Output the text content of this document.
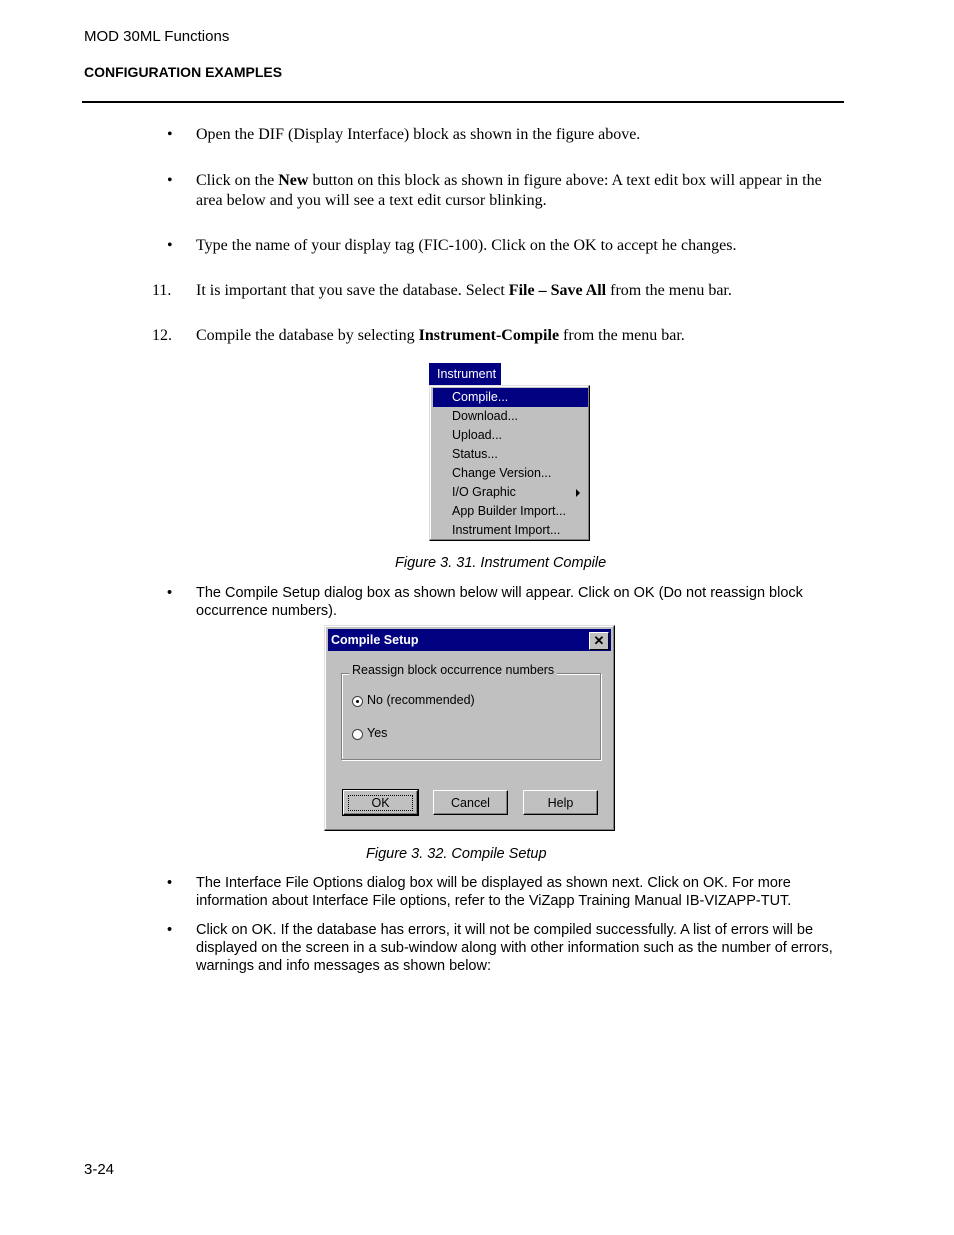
MOD 30ML Functions
CONFIGURATION EXAMPLES
• Open the DIF (Display Interface) block as shown in the figure above.
• Click on the New button on this block as shown in figure above: A text edit box will appear in the area below and you will see a text edit cursor blinking.
• Type the name of your display tag (FIC-100). Click on the OK to accept he changes.
11. It is important that you save the database. Select File – Save All from the menu bar.
12. Compile the database by selecting Instrument-Compile from the menu bar.
Instrument
Compile...
Download...
Upload...
Status...
Change Version...
I/O Graphic
App Builder Import...
Instrument Import...
Figure 3. 31. Instrument Compile
• The Compile Setup dialog box as shown below will appear. Click on OK (Do not reassign block occurrence numbers).
Compile Setup	✕
Reassign block occurrence numbers
No (recommended)
Yes
OK	Cancel	Help
Figure 3. 32. Compile Setup
• The Interface File Options dialog box will be displayed as shown next. Click on OK. For more information about Interface File options, refer to the ViZapp Training Manual IB-VIZAPP-TUT.
• Click on OK. If the database has errors, it will not be compiled successfully. A list of errors will be displayed on the screen in a sub-window along with other information such as the number of errors, warnings and info messages as shown below:
3-24
